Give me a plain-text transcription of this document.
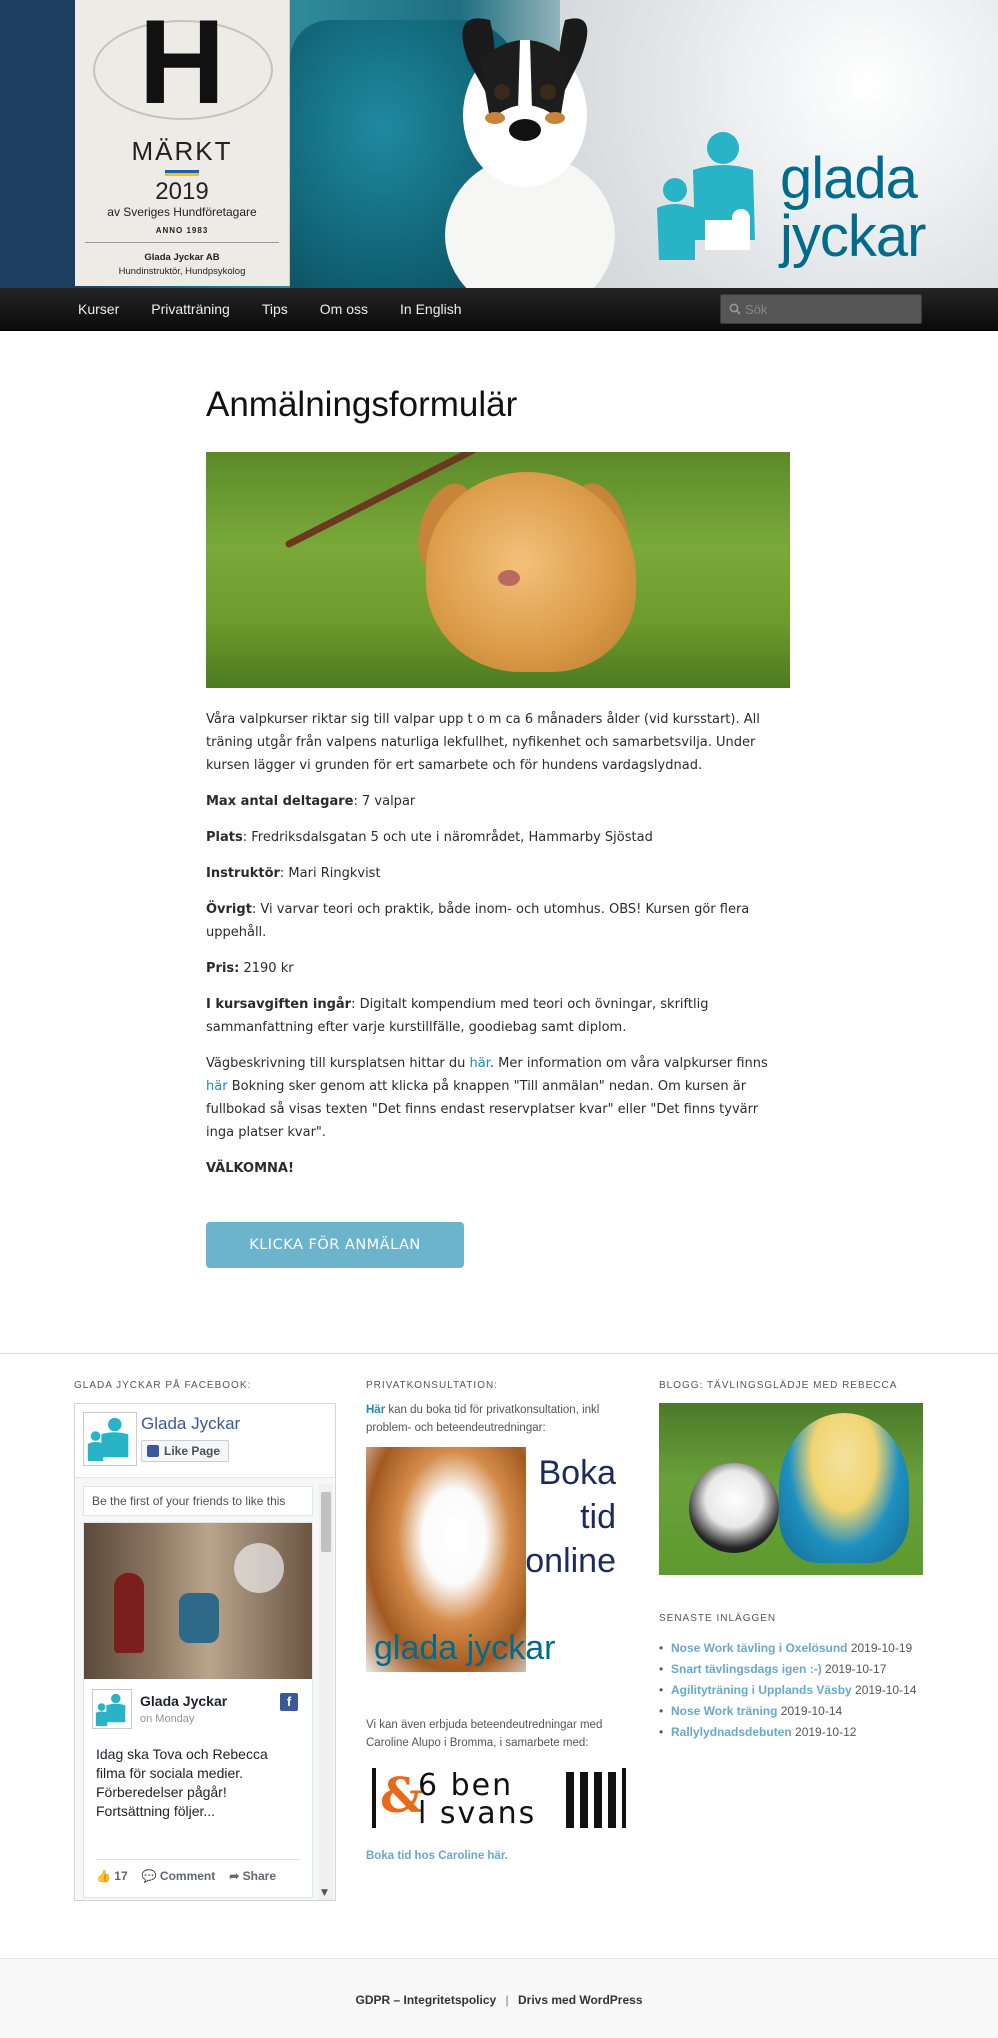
H
MÄRKT
2019
av Sveriges Hundföretagare
ANNO 1983
Glada Jyckar AB
Hundinstruktör, Hundpsykolog
glada
jyckar
Kurser	Privatträning	Tips	Om oss	In English
Sök
Anmälningsformulär

Våra valpkurser riktar sig till valpar upp t o m ca 6 månaders ålder (vid kursstart). All träning utgår från valpens naturliga lekfullhet, nyfikenhet och samarbetsvilja. Under kursen lägger vi grunden för ert samarbete och för hundens vardagslydnad.

Max antal deltagare: 7 valpar

Plats: Fredriksdalsgatan 5 och ute i närområdet, Hammarby Sjöstad

Instruktör: Mari Ringkvist

Övrigt: Vi varvar teori och praktik, både inom- och utomhus. OBS! Kursen gör flera uppehåll.

Pris: 2190 kr

I kursavgiften ingår: Digitalt kompendium med teori och övningar, skriftlig sammanfattning efter varje kurstillfälle, goodiebag samt diplom.

Vägbeskrivning till kursplatsen hittar du här. Mer information om våra valpkurser finns här Bokning sker genom att klicka på knappen "Till anmälan" nedan. Om kursen är fullbokad så visas texten "Det finns endast reservplatser kvar" eller "Det finns tyvärr inga platser kvar".

VÄLKOMNA!

KLICKA FÖR ANMÄLAN
GLADA JYCKAR PÅ FACEBOOK:
Glada Jyckar
Like Page
Be the first of your friends to like this
Glada Jyckar
on Monday
f
Idag ska Tova och Rebecca filma för sociala medier. Förberedelser pågår! Fortsättning följer...
👍 17 💬 Comment ➦ Share
▼
PRIVATKONSULTATION:

Här kan du boka tid för privatkonsultation, inkl problem- och beteendeutredningar:

Boka
tid
online
glada jyckar

Vi kan även erbjuda beteendeutredningar med Caroline Alupo i Bromma, i samarbete med:

&
6 ben
l svans
Boka tid hos Caroline här.
BLOGG: TÄVLINGSGLÄDJE MED REBECCA
SENASTE INLÄGGEN
• Nose Work tävling i Oxelösund 2019-10-19
• Snart tävlingsdags igen :-) 2019-10-17
• Agilityträning i Upplands Väsby 2019-10-14
• Nose Work träning 2019-10-14
• Rallylydnadsdebuten 2019-10-12
GDPR – Integritetspolicy | Drivs med WordPress
